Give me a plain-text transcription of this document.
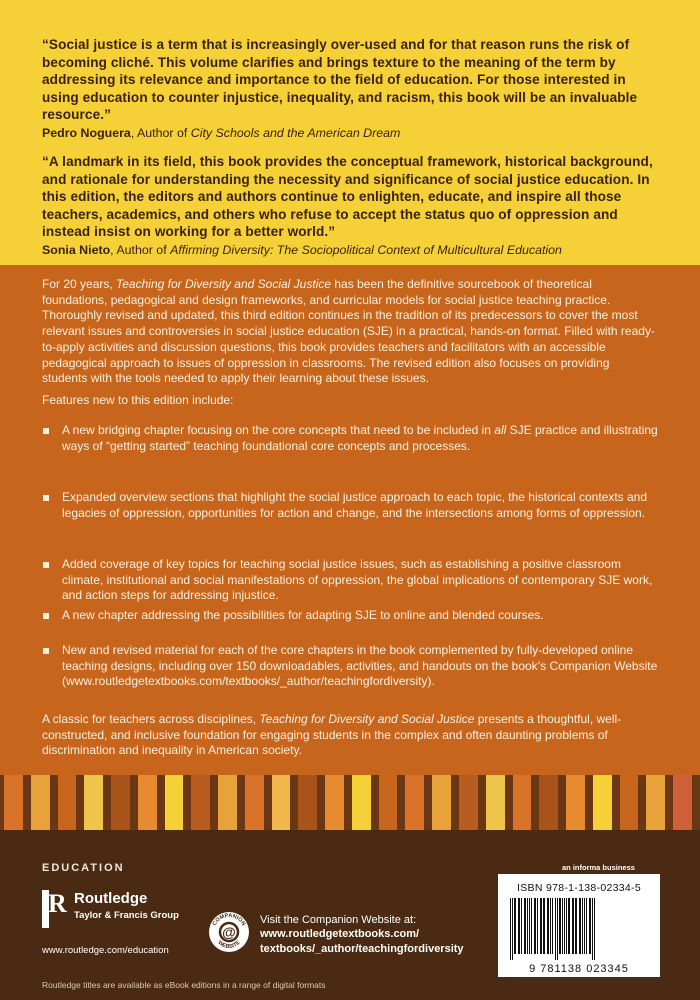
“Social justice is a term that is increasingly over-used and for that reason runs the risk of becoming cliché. This volume clarifies and brings texture to the meaning of the term by addressing its relevance and importance to the field of education. For those interested in using education to counter injustice, inequality, and racism, this book will be an invaluable resource.”

Pedro Noguera, Author of City Schools and the American Dream

“A landmark in its field, this book provides the conceptual framework, historical background, and rationale for understanding the necessity and significance of social justice education. In this edition, the editors and authors continue to enlighten, educate, and inspire all those teachers, academics, and others who refuse to accept the status quo of oppression and instead insist on working for a better world.”

Sonia Nieto, Author of Affirming Diversity: The Sociopolitical Context of Multicultural Education
For 20 years, Teaching for Diversity and Social Justice has been the definitive sourcebook of theoretical foundations, pedagogical and design frameworks, and curricular models for social justice teaching practice. Thoroughly revised and updated, this third edition continues in the tradition of its predecessors to cover the most relevant issues and controversies in social justice education (SJE) in a practical, hands-on format. Filled with ready-to-apply activities and discussion questions, this book provides teachers and facilitators with an accessible pedagogical approach to issues of oppression in classrooms. The revised edition also focuses on providing students with the tools needed to apply their learning about these issues.
Features new to this edition include:
A new bridging chapter focusing on the core concepts that need to be included in all SJE practice and illustrating ways of “getting started” teaching foundational core concepts and processes.
Expanded overview sections that highlight the social justice approach to each topic, the historical contexts and legacies of oppression, opportunities for action and change, and the intersections among forms of oppression.
Added coverage of key topics for teaching social justice issues, such as establishing a positive classroom climate, institutional and social manifestations of oppression, the global implications of contemporary SJE work, and action steps for addressing injustice.
A new chapter addressing the possibilities for adapting SJE to online and blended courses.
New and revised material for each of the core chapters in the book complemented by fully-developed online teaching designs, including over 150 downloadables, activities, and handouts on the book’s Companion Website (www.routledgetextbooks.com/textbooks/_author/teachingfordiversity).
A classic for teachers across disciplines, Teaching for Diversity and Social Justice presents a thoughtful, well-constructed, and inclusive foundation for engaging students in the complex and often daunting problems of discrimination and inequality in American society.
EDUCATION	an informa business
R Routledge
Taylor & Francis Group
www.routledge.com/education
Routledge titles are available as eBook editions in a range of digital formats
@
COMPANION
WEBSITE
Visit the Companion Website at:
www.routledgetextbooks.com/
textbooks/_author/teachingfordiversity
ISBN 978-1-138-02334-5
9 781138 023345
